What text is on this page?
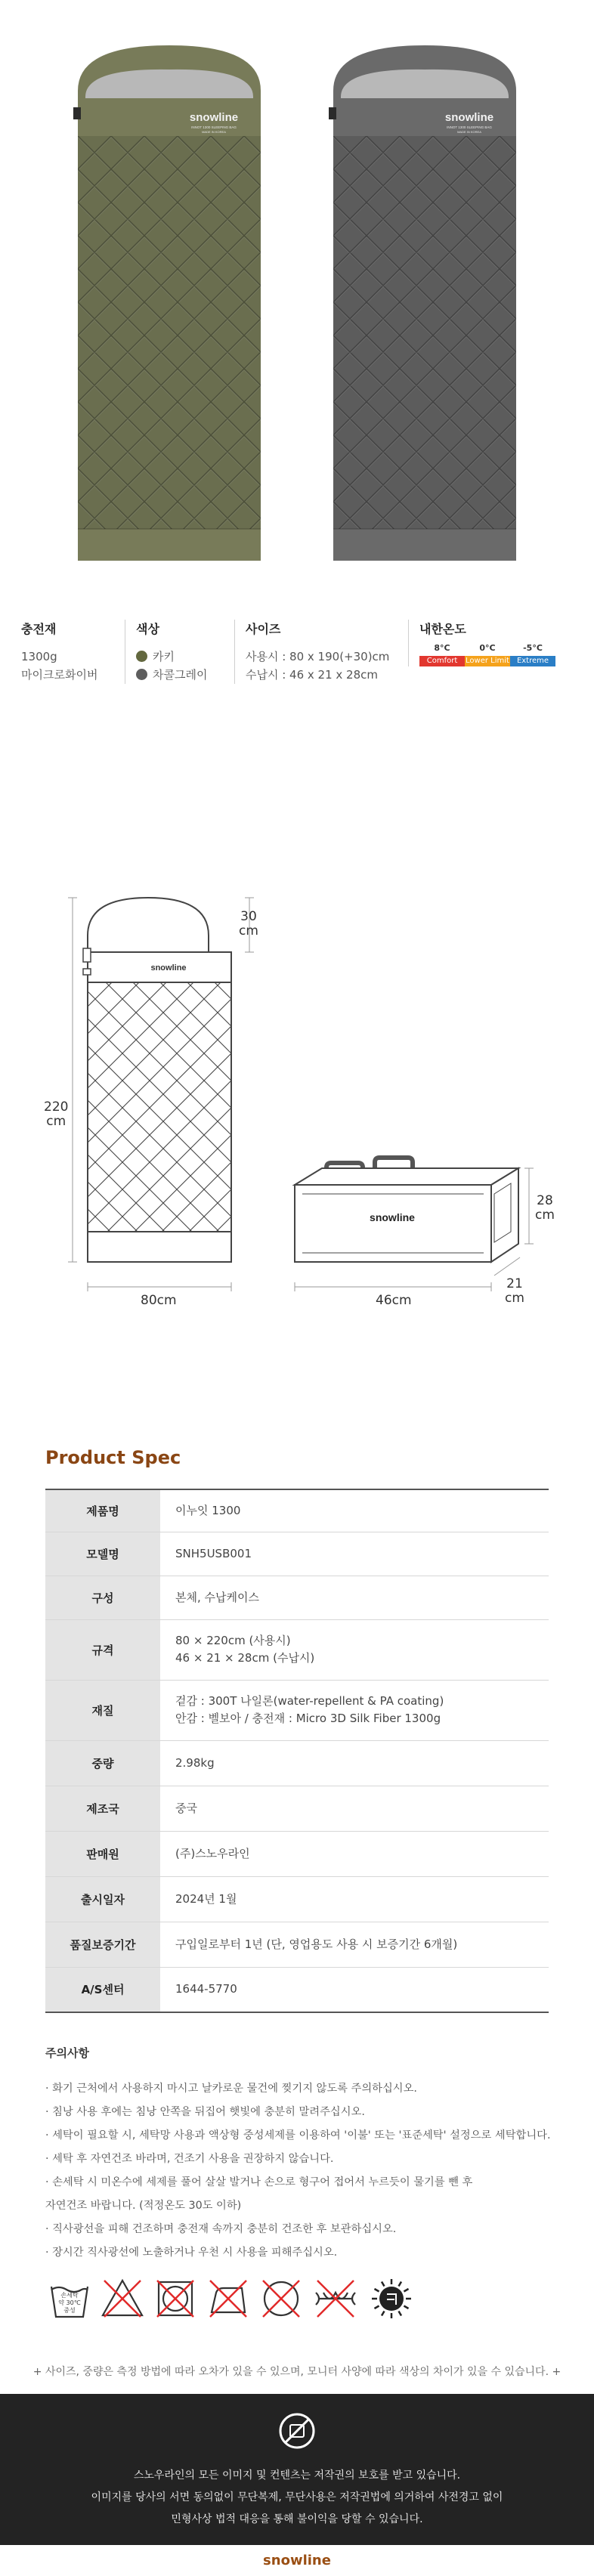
snowline
INNOT 1300 SLEEPING BAG
MADE IN KOREA
snowline
INNOT 1300 SLEEPING BAG
MADE IN KOREA
충전재
1300g
마이크로화이버
색상
카키
차콜그레이
사이즈
사용시 : 80 x 190(+30)cm
수납시 : 46 x 21 x 28cm
내한온도
8°C	0°C	-5°C
Comfort	Lower Limit Extreme
snowline
snowline
30
cm
220
cm
80cm	46cm
28
cm
21
cm
Product Spec
제품명	이누잇 1300

모델명	SNH5USB001

구성	본체, 수납케이스

규격	80 × 220cm (사용시)
46 × 21 × 28cm (수납시)

재질	겉감 : 300T 나일론(water-repellent & PA coating)
안감 : 벨보아 / 충전재 : Micro 3D Silk Fiber 1300g

중량	2.98kg

제조국	중국

판매원	(주)스노우라인

출시일자	2024년 1월

품질보증기간	구입일로부터 1년 (단, 영업용도 사용 시 보증기간 6개월)

A/S센터	1644-5770
주의사항
· 화기 근처에서 사용하지 마시고 날카로운 물건에 찢기지 않도록 주의하십시오.
· 침낭 사용 후에는 침낭 안쪽을 뒤집어 햇빛에 충분히 말려주십시오.
· 세탁이 필요할 시, 세탁망 사용과 액상형 중성세제를 이용하여 '이불' 또는 '표준세탁' 설정으로 세탁합니다.
· 세탁 후 자연건조 바라며, 건조기 사용을 권장하지 않습니다.
· 손세탁 시 미온수에 세제를 풀어 살살 발거나 손으로 형구어 접어서 누르듯이 물기를 뺀 후
자연건조 바랍니다. (적정온도 30도 이하)
· 직사광선을 피해 건조하며 충전재 속까지 충분히 건조한 후 보관하십시오.
· 장시간 직사광선에 노출하거나 우천 시 사용을 피해주십시오.
손세탁
약 30℃
중성
+ 사이즈, 중량은 측정 방법에 따라 오차가 있을 수 있으며, 모니터 사양에 따라 색상의 차이가 있을 수 있습니다. +
스노우라인의 모든 이미지 및 컨텐츠는 저작권의 보호를 받고 있습니다.
이미지를 당사의 서면 동의없이 무단복제, 무단사용은 저작권법에 의거하여 사전경고 없이
민형사상 법적 대응을 통해 불이익을 당할 수 있습니다.
snowline
